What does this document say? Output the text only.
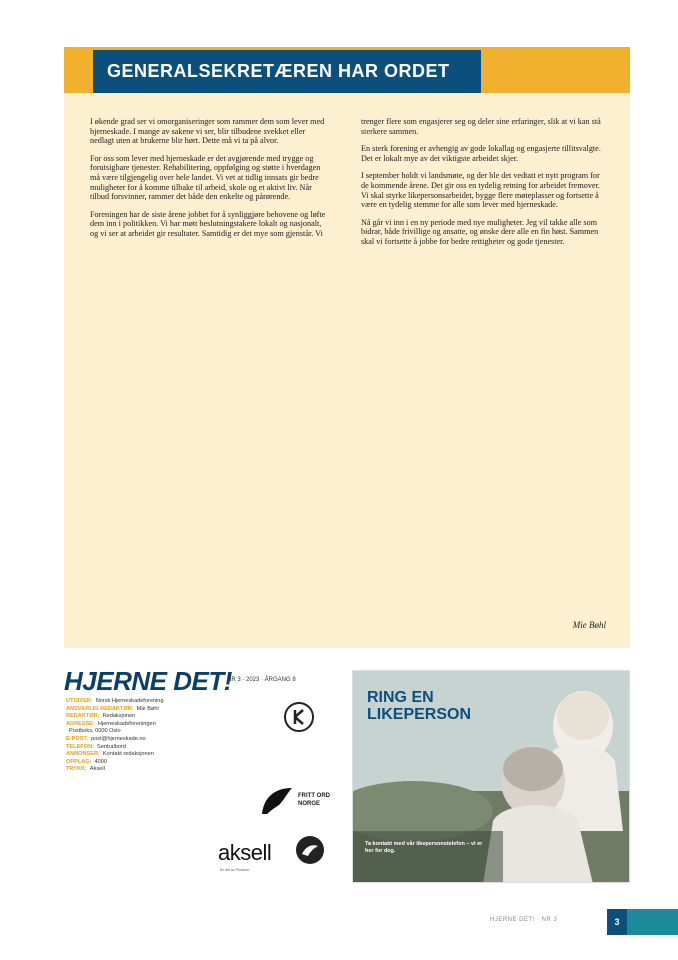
GENERALSEKRETÆREN HAR ORDET

I økende grad ser vi omorganiseringer som rammer dem som lever med hjerneskade. I mange av sakene vi ser, blir tilbudene svekket eller nedlagt uten at brukerne blir hørt. Dette må vi ta på alvor.

For oss som lever med hjerneskade er det avgjørende med trygge og forutsigbare tjenester. Rehabilitering, oppfølging og støtte i hverdagen må være tilgjengelig over hele landet. Vi vet at tidlig innsats gir bedre muligheter for å komme tilbake til arbeid, skole og et aktivt liv. Når tilbud forsvinner, rammer det både den enkelte og pårørende.

Foreningen har de siste årene jobbet for å synliggjøre behovene og løfte dem inn i politikken. Vi har møtt beslutningstakere lokalt og nasjonalt, og vi ser at arbeidet gir resultater. Samtidig er det mye som gjenstår. Vi trenger flere som engasjerer seg og deler sine erfaringer, slik at vi kan stå sterkere sammen.

En sterk forening er avhengig av gode lokallag og engasjerte tillitsvalgte. Det er lokalt mye av det viktigste arbeidet skjer.

I september holdt vi landsmøte, og der ble det vedtatt et nytt program for de kommende årene. Det gir oss en tydelig retning for arbeidet fremover. Vi skal styrke likepersonsarbeidet, bygge flere møteplasser og fortsette å være en tydelig stemme for alle som lever med hjerneskade.

Nå går vi inn i en ny periode med nye muligheter. Jeg vil takke alle som bidrar, både frivillige og ansatte, og ønske dere alle en fin høst. Sammen skal vi fortsette å jobbe for bedre rettigheter og gode tjenester.

Mie Bøhl
HJERNE DET!
NR 3 · 2023 · ÅRGANG 8
UTGIVER: Norsk Hjerneskadeforening
ANSVARLIG REDAKTØR: Mie Bøhl
REDAKTØR: Redaksjonen
ADRESSE: Hjerneskadeforeningen
Postboks, 0000 Oslo
E-POST: post@hjerneskade.no
TELEFON: Sentralbord
ANNONSER: Kontakt redaksjonen
OPPLAG: 4000
TRYKK: Aksell
FRITT ORD
NORGE
aksell
En del av Printcom
RING EN
LIKEPERSON
Ta kontakt med vår likepersonstelefon – vi er her for deg.
HJERNE DET! · NR 3	3
